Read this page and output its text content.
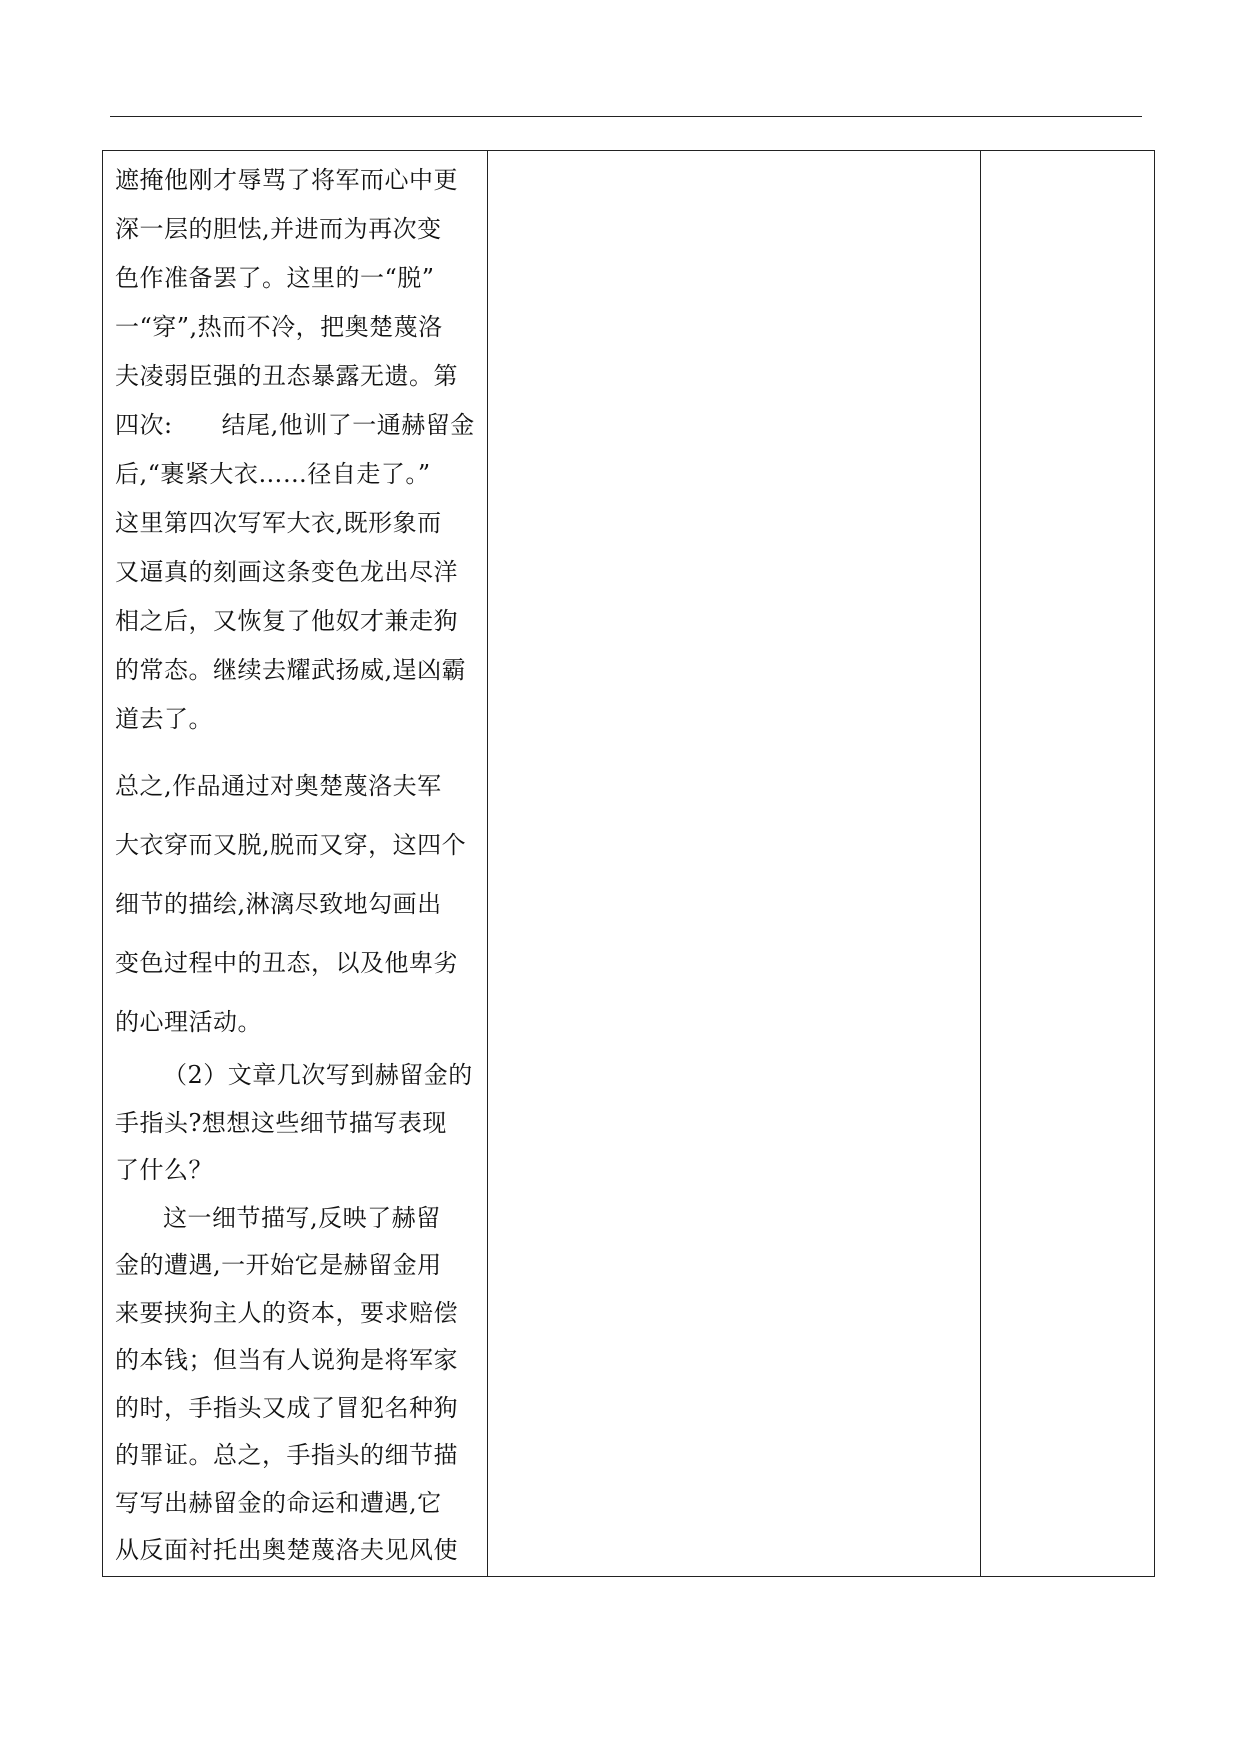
遮掩他刚才辱骂了将军而心中更
深一层的胆怯,并进而为再次变
色作准备罢了。这里的一“脱”
一“穿”,热而不冷，把奥楚蔑洛
夫凌弱臣强的丑态暴露无遗。第
四次:　　结尾,他训了一通赫留金
后,“裹紧大衣……径自走了。”
这里第四次写军大衣,既形象而
又逼真的刻画这条变色龙出尽洋
相之后，又恢复了他奴才兼走狗
的常态。继续去耀武扬威,逞凶霸
道去了。
总之,作品通过对奥楚蔑洛夫军
大衣穿而又脱,脱而又穿，这四个
细节的描绘,淋漓尽致地勾画出
变色过程中的丑态，以及他卑劣
的心理活动。
（2）文章几次写到赫留金的
手指头?想想这些细节描写表现
了什么？
这一细节描写,反映了赫留
金的遭遇,一开始它是赫留金用
来要挟狗主人的资本，要求赔偿
的本钱；但当有人说狗是将军家
的时，手指头又成了冒犯名种狗
的罪证。总之，手指头的细节描
写写出赫留金的命运和遭遇,它
从反面衬托出奥楚蔑洛夫见风使
